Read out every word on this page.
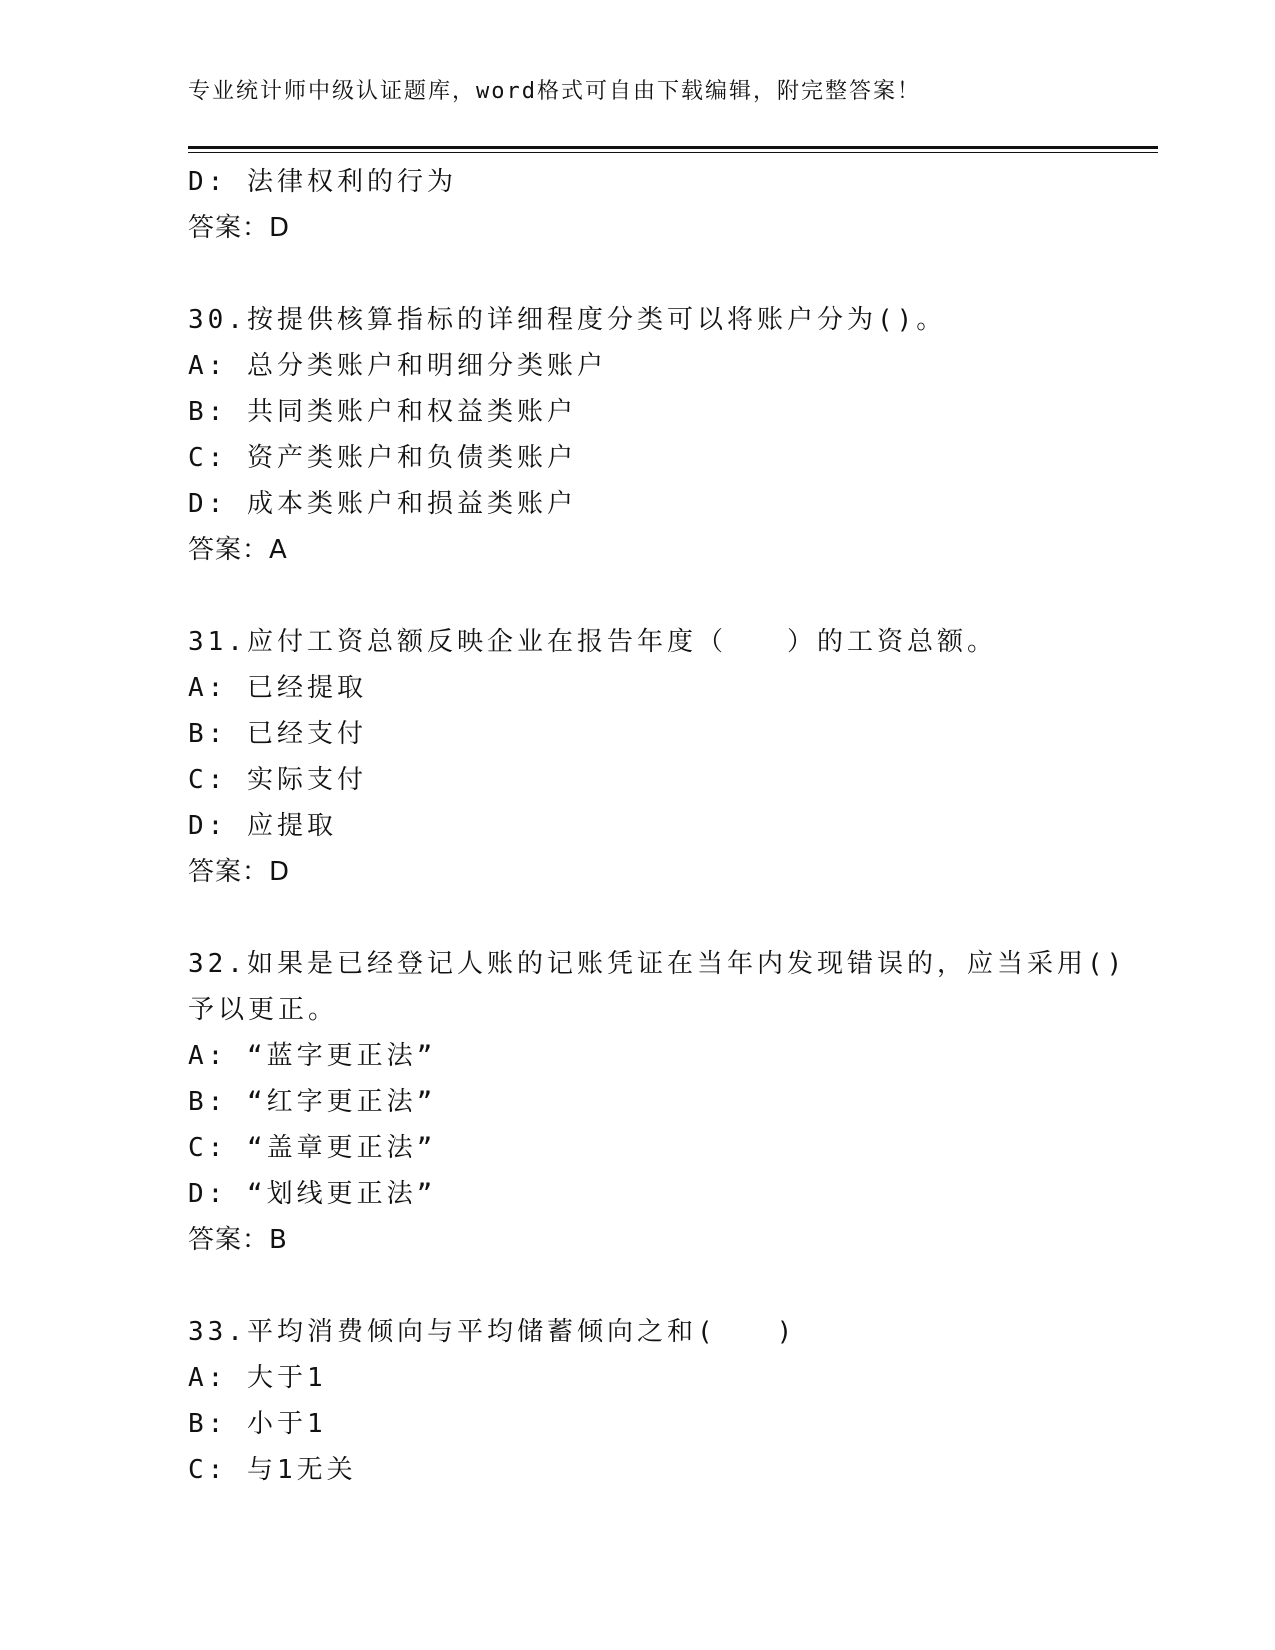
专业统计师中级认证题库，word格式可自由下载编辑，附完整答案！
D: 法律权利的行为
答案：D
30.按提供核算指标的详细程度分类可以将账户分为()。
A: 总分类账户和明细分类账户
B: 共同类账户和权益类账户
C: 资产类账户和负债类账户
D: 成本类账户和损益类账户
答案：A
31.应付工资总额反映企业在报告年度（　　）的工资总额。
A: 已经提取
B: 已经支付
C: 实际支付
D: 应提取
答案：D
32.如果是已经登记人账的记账凭证在当年内发现错误的，应当采用()
予以更正。
A: “蓝字更正法”
B: “红字更正法”
C: “盖章更正法”
D: “划线更正法”
答案：B
33.平均消费倾向与平均储蓄倾向之和(　　)
A: 大于1
B: 小于1
C: 与1无关
